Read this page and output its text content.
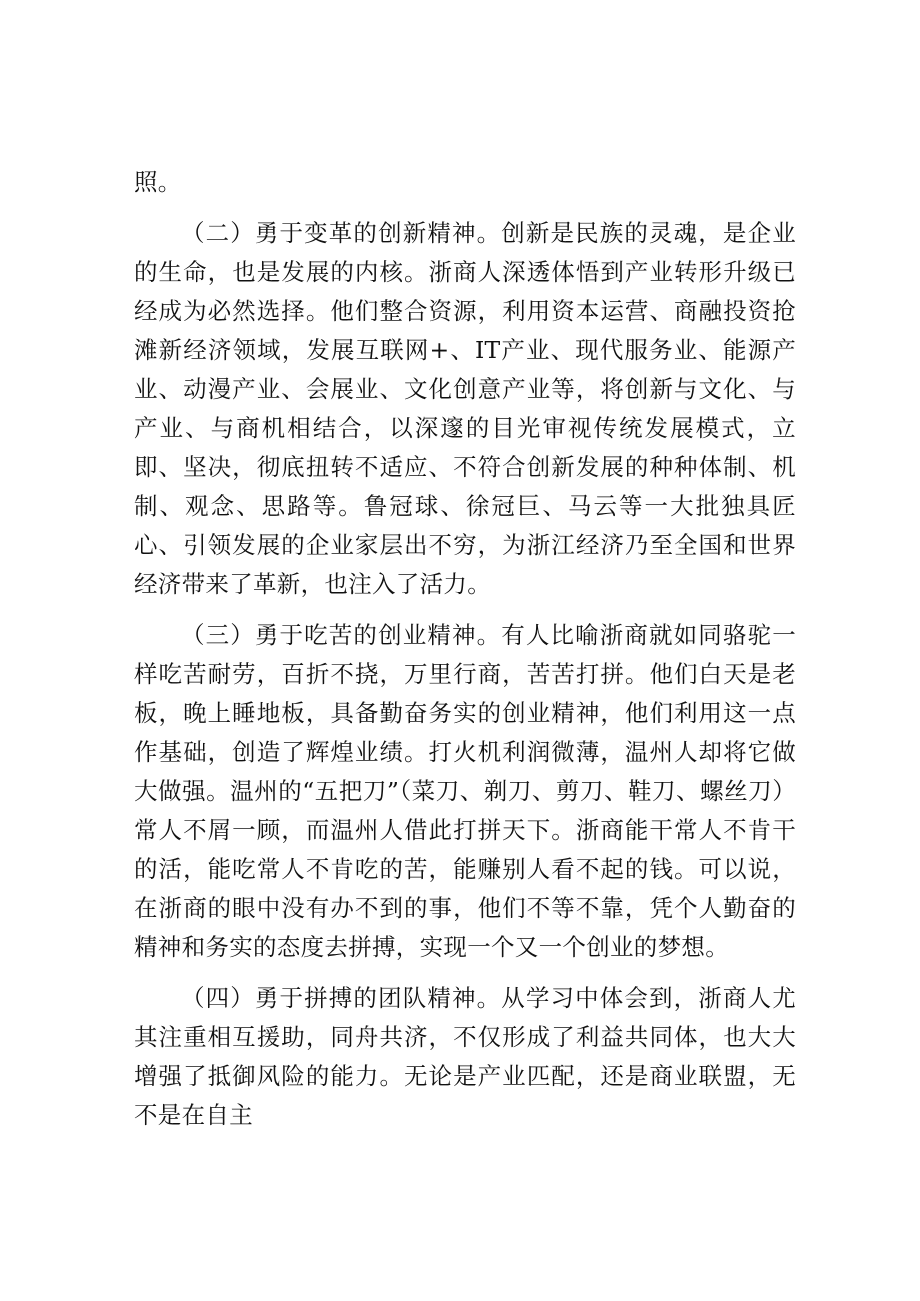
照。

（二）勇于变革的创新精神。创新是民族的灵魂，是企业的生命，也是发展的内核。浙商人深透体悟到产业转形升级已经成为必然选择。他们整合资源，利用资本运营、商融投资抢滩新经济领域，发展互联网+、IT产业、现代服务业、能源产业、动漫产业、会展业、文化创意产业等，将创新与文化、与产业、与商机相结合，以深邃的目光审视传统发展模式，立即、坚决，彻底扭转不适应、不符合创新发展的种种体制、机制、观念、思路等。鲁冠球、徐冠巨、马云等一大批独具匠心、引领发展的企业家层出不穷，为浙江经济乃至全国和世界经济带来了革新，也注入了活力。

（三）勇于吃苦的创业精神。有人比喻浙商就如同骆驼一样吃苦耐劳，百折不挠，万里行商，苦苦打拼。他们白天是老板，晚上睡地板，具备勤奋务实的创业精神，他们利用这一点作基础，创造了辉煌业绩。打火机利润微薄，温州人却将它做大做强。温州的“五把刀”（菜刀、剃刀、剪刀、鞋刀、螺丝刀）常人不屑一顾，而温州人借此打拼天下。浙商能干常人不肯干的活，能吃常人不肯吃的苦，能赚别人看不起的钱。可以说，在浙商的眼中没有办不到的事，他们不等不靠，凭个人勤奋的精神和务实的态度去拼搏，实现一个又一个创业的梦想。

（四）勇于拼搏的团队精神。从学习中体会到，浙商人尤其注重相互援助，同舟共济，不仅形成了利益共同体，也大大增强了抵御风险的能力。无论是产业匹配，还是商业联盟，无不是在自主
